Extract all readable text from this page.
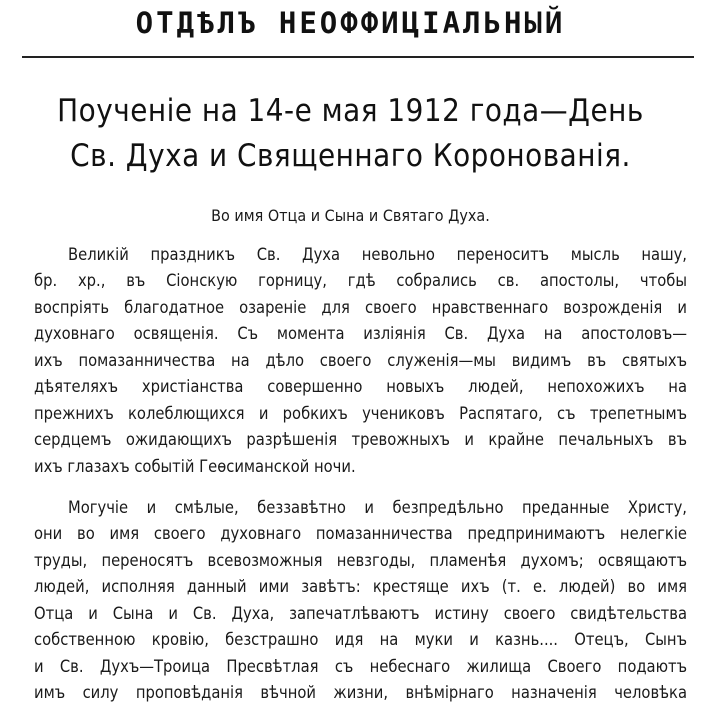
ОТДѢЛЪ НЕОФФИЦІАЛЬНЫЙ
Поученіе на 14-е мая 1912 года—День
Св. Духа и Священнаго Коронованія.
Во имя Отца и Сына и Святаго Духа.
Великій праздникъ Св. Духа невольно переноситъ мысль нашу,
бр. хр., въ Сіонскую горницу, гдѣ собрались св. апостолы, чтобы
воспріять благодатное озареніе для своего нравственнаго возрожденія и
духовнаго освященія. Съ момента изліянія Св. Духа на апостоловъ—
ихъ помазанничества на дѣло своего служенія—мы видимъ въ святыхъ
дѣятеляхъ христіанства совершенно новыхъ людей, непохожихъ на
прежнихъ колеблющихся и робкихъ учениковъ Распятаго, съ трепетнымъ
сердцемъ ожидающихъ разрѣшенія тревожныхъ и крайне печальныхъ въ
ихъ глазахъ событій Геѳсиманской ночи.
Могучіе и смѣлые, беззавѣтно и безпредѣльно преданные Христу,
они во имя своего духовнаго помазанничества предпринимаютъ нелегкіе
труды, переносятъ всевозможныя невзгоды, пламенѣя духомъ; освящаютъ
людей, исполняя данный ими завѣтъ: крестяще ихъ (т. е. людей) во имя
Отца и Сына и Св. Духа, запечатлѣваютъ истину своего свидѣтельства
собственною кровію, безстрашно идя на муки и казнь.... Отецъ, Сынъ
и Св. Духъ—Троица Пресвѣтлая съ небеснаго жилища Своего подаютъ
имъ силу проповѣданія вѣчной жизни, внѣмірнаго назначенія человѣка
